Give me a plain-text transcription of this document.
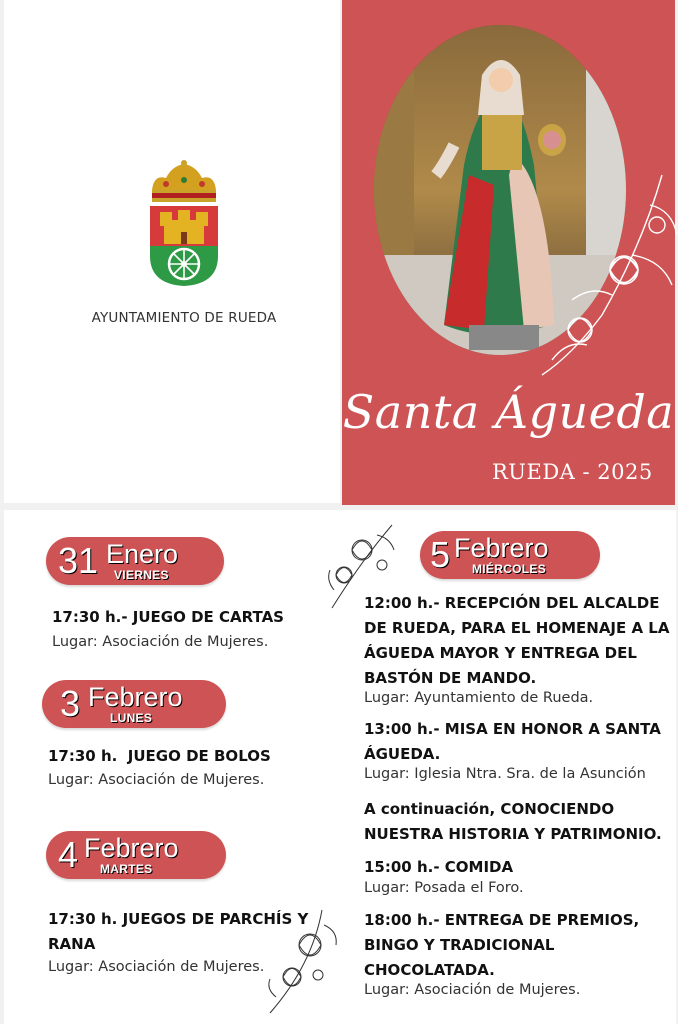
AYUNTAMIENTO DE RUEDA
Santa Águeda
RUEDA - 2025
31 Enero
VIERNES
17:30 h.- JUEGO DE CARTAS
Lugar: Asociación de Mujeres.
3 Febrero
LUNES
17:30 h.  JUEGO DE BOLOS
Lugar: Asociación de Mujeres.
4 Febrero
MARTES
17:30 h. JUEGOS DE PARCHÍS Y
RANA
Lugar: Asociación de Mujeres.
5 Febrero
MIÉRCOLES
12:00 h.- RECEPCIÓN DEL ALCALDE
DE RUEDA, PARA EL HOMENAJE A LA
ÁGUEDA MAYOR Y ENTREGA DEL
BASTÓN DE MANDO.
Lugar: Ayuntamiento de Rueda.
13:00 h.- MISA EN HONOR A SANTA
ÁGUEDA.
Lugar: Iglesia Ntra. Sra. de la Asunción
A continuación, CONOCIENDO
NUESTRA HISTORIA Y PATRIMONIO.
15:00 h.- COMIDA
Lugar: Posada el Foro.
18:00 h.- ENTREGA DE PREMIOS,
BINGO Y TRADICIONAL
CHOCOLATADA.
Lugar: Asociación de Mujeres.
